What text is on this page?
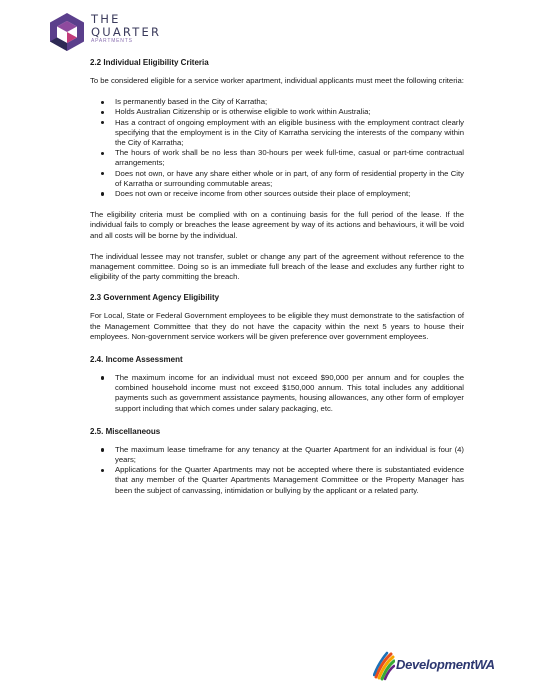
THE
QUARTER
APARTMENTS
2.2 Individual Eligibility Criteria

To be considered eligible for a service worker apartment, individual applicants must meet the following criteria:

Is permanently based in the City of Karratha;
Holds Australian Citizenship or is otherwise eligible to work within Australia;
Has a contract of ongoing employment with an eligible business with the employment contract clearly specifying that the employment is in the City of Karratha servicing the interests of the company within the City of Karratha;
The hours of work shall be no less than 30-hours per week full-time, casual or part-time contractual arrangements;
Does not own, or have any share either whole or in part, of any form of residential property in the City of Karratha or surrounding commutable areas;
Does not own or receive income from other sources outside their place of employment;

The eligibility criteria must be complied with on a continuing basis for the full period of the lease. If the individual fails to comply or breaches the lease agreement by way of its actions and behaviours, it will be void and all costs will be borne by the individual.

The individual lessee may not transfer, sublet or change any part of the agreement without reference to the management committee. Doing so is an immediate full breach of the lease and excludes any further right to eligibility of the party committing the breach.

2.3 Government Agency Eligibility

For Local, State or Federal Government employees to be eligible they must demonstrate to the satisfaction of the Management Committee that they do not have the capacity within the next 5 years to house their employees. Non-government service workers will be given preference over government employees.

2.4. Income Assessment
The maximum income for an individual must not exceed $90,000 per annum and for couples the combined household income must not exceed $150,000 annum. This total includes any additional payments such as government assistance payments, housing allowances, any other form of employer support including that which comes under salary packaging, etc.
2.5. Miscellaneous
The maximum lease timeframe for any tenancy at the Quarter Apartment for an individual is four (4) years;
Applications for the Quarter Apartments may not be accepted where there is substantiated evidence that any member of the Quarter Apartments Management Committee or the Property Manager has been the subject of canvassing, intimidation or bullying by the applicant or a related party.
DevelopmentWA
